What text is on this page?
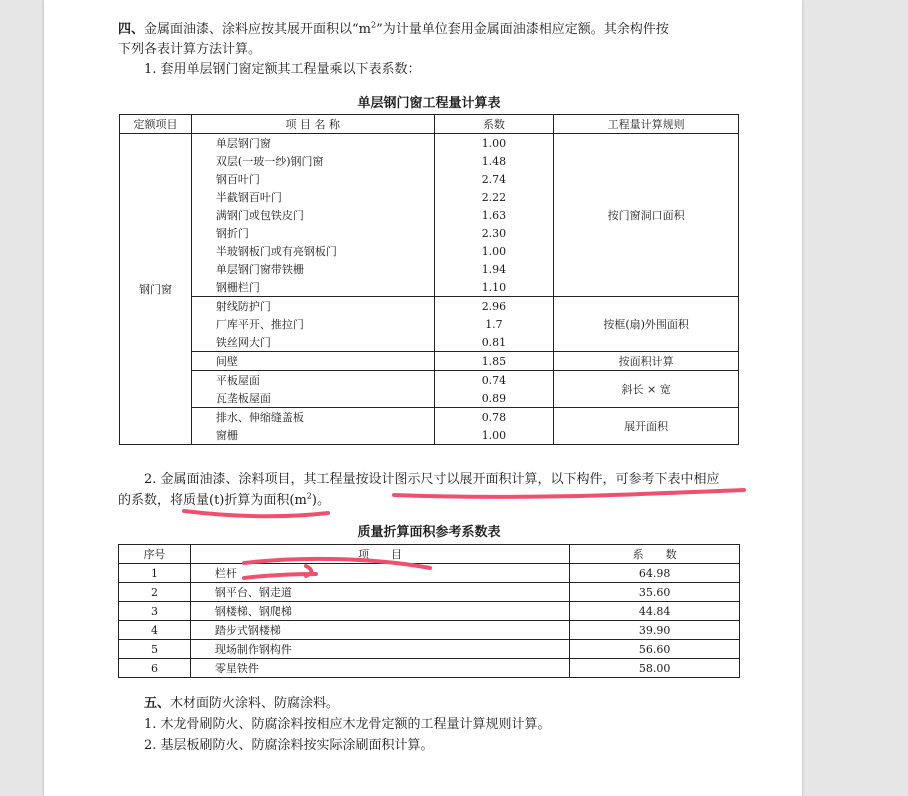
四、金属面油漆、涂料应按其展开面积以“$m^2$”为计量单位套用金属面油漆相应定额。其余构件按
下列各表计算方法计算。
1. 套用单层钢门窗定额其工程量乘以下表系数：
单层钢门窗工程量计算表
定额项目	项 目 名 称	系数	工程量计算规则
钢门窗	单层钢门窗	1.00	按门窗洞口面积
	双层(一玻一纱)钢门窗	1.48	
	钢百叶门	2.74	
	半截钢百叶门	2.22	
	满钢门或包铁皮门	1.63	
	钢折门	2.30	
	半玻钢板门或有亮钢板门	1.00	
	单层钢门窗带铁栅	1.94	
	钢栅栏门	1.10	
	射线防护门	2.96	按框(扇)外围面积
	厂库平开、推拉门	1.7	
	铁丝网大门	0.81	
	间壁	1.85	按面积计算
	平板屋面	0.74	斜长 × 宽
	瓦垄板屋面	0.89	
	排水、伸缩缝盖板	0.78	展开面积
	窗栅	1.00	
2. 金属面油漆、涂料项目，其工程量按设计图示尺寸以展开面积计算，以下构件，可参考下表中相应
的系数，将质量(t)折算为面积$(m^2)$。
质量折算面积参考系数表
序号	项　　目	系　　数
1	栏杆	64.98
2	钢平台、钢走道	35.60
3	钢楼梯、钢爬梯	44.84
4	踏步式钢楼梯	39.90
5	现场制作钢构件	56.60
6	零星铁件	58.00
五、木材面防火涂料、防腐涂料。
1. 木龙骨刷防火、防腐涂料按相应木龙骨定额的工程量计算规则计算。
2. 基层板刷防火、防腐涂料按实际涂刷面积计算。
